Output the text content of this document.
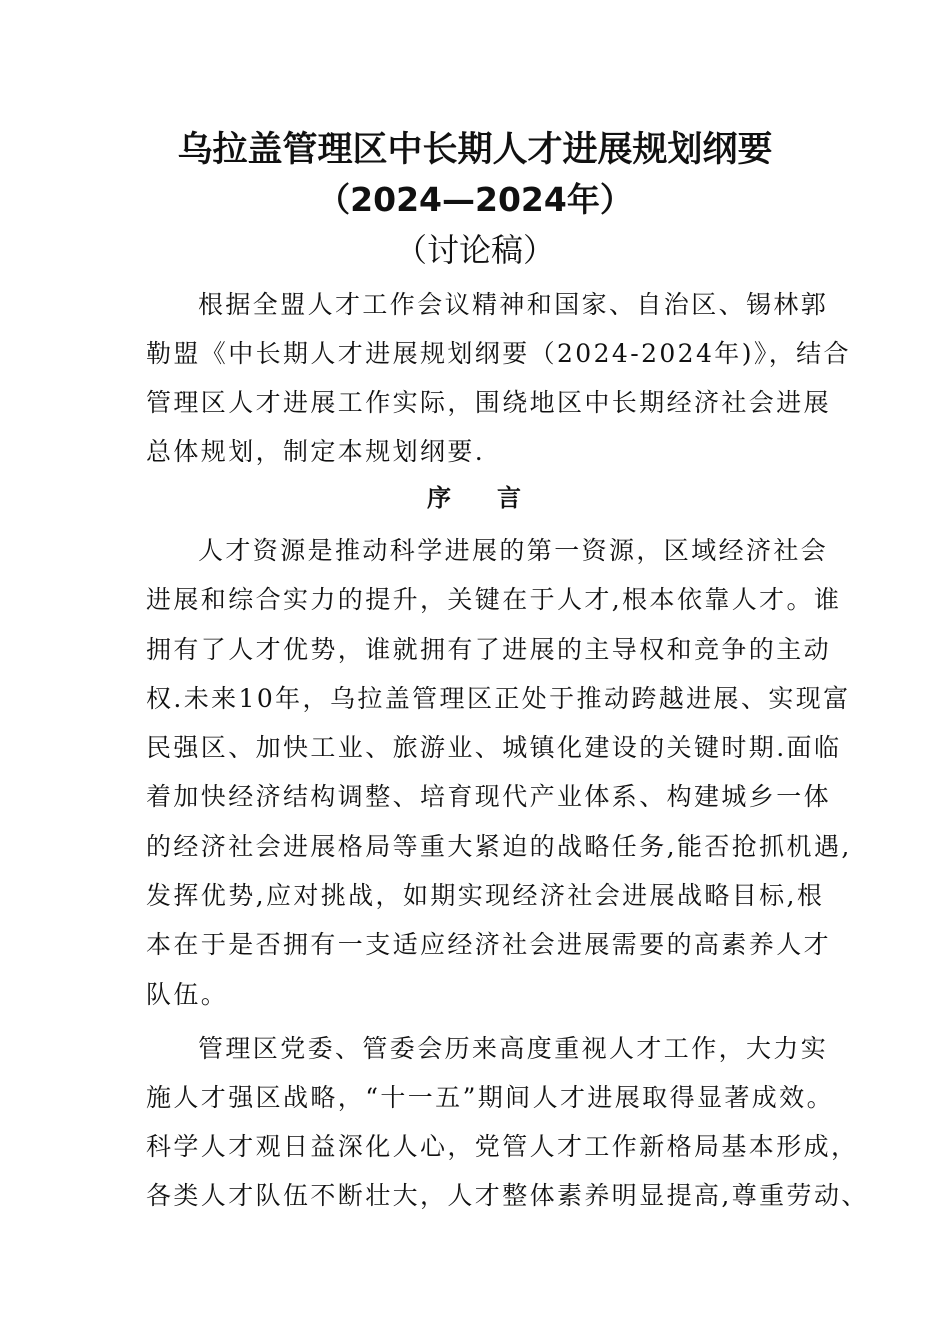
乌拉盖管理区中长期人才进展规划纲要
（2024—2024年）
（讨论稿）
根据全盟人才工作会议精神和国家、自治区、锡林郭
勒盟《中长期人才进展规划纲要（2024-2024年)》，结合
管理区人才进展工作实际，围绕地区中长期经济社会进展
总体规划，制定本规划纲要.
序 言
人才资源是推动科学进展的第一资源，区域经济社会
进展和综合实力的提升，关键在于人才,根本依靠人才。谁
拥有了人才优势，谁就拥有了进展的主导权和竞争的主动
权.未来10年，乌拉盖管理区正处于推动跨越进展、实现富
民强区、加快工业、旅游业、城镇化建设的关键时期.面临
着加快经济结构调整、培育现代产业体系、构建城乡一体
的经济社会进展格局等重大紧迫的战略任务,能否抢抓机遇,
发挥优势,应对挑战，如期实现经济社会进展战略目标,根
本在于是否拥有一支适应经济社会进展需要的高素养人才
队伍。
管理区党委、管委会历来高度重视人才工作，大力实
施人才强区战略，“十一五”期间人才进展取得显著成效。
科学人才观日益深化人心，党管人才工作新格局基本形成，
各类人才队伍不断壮大，人才整体素养明显提高,尊重劳动、
